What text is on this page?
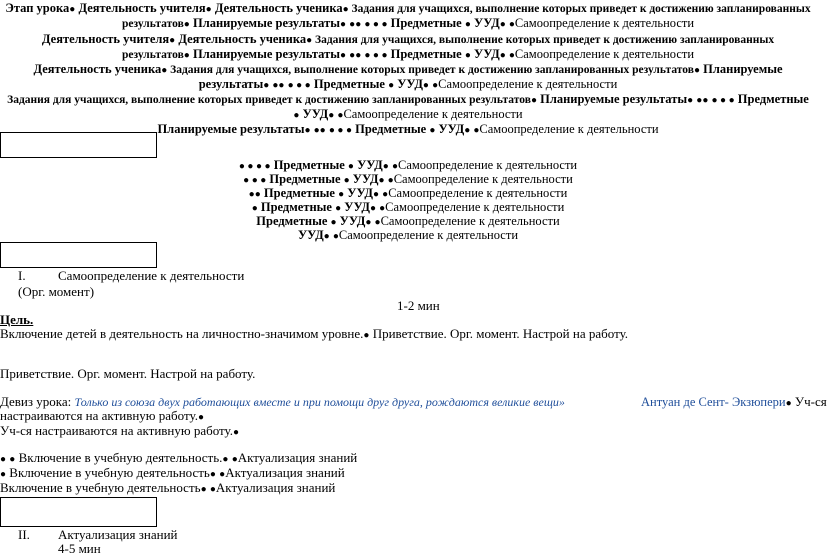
Этап урока● Деятельность учителя● Деятельность ученика● Задания для учащихся, выполнение которых приведет к достижению запланированных
результатов● Планируемые результаты● ●● ● ● ● Предметные ● УУД● ●Самоопределение к деятельности
Деятельность учителя● Деятельность ученика● Задания для учащихся, выполнение которых приведет к достижению запланированных
результатов● Планируемые результаты● ●● ● ● ● Предметные ● УУД● ●Самоопределение к деятельности
Деятельность ученика● Задания для учащихся, выполнение которых приведет к достижению запланированных результатов● Планируемые
результаты● ●● ● ● ● Предметные ● УУД● ●Самоопределение к деятельности
Задания для учащихся, выполнение которых приведет к достижению запланированных результатов● Планируемые результаты● ●● ● ● ● Предметные
● УУД● ●Самоопределение к деятельности
Планируемые результаты● ●● ● ● ● Предметные ● УУД● ●Самоопределение к деятельности
● ● ● ● Предметные ● УУД● ●Самоопределение к деятельности
● ● ● Предметные ● УУД● ●Самоопределение к деятельности
●● Предметные ● УУД● ●Самоопределение к деятельности
● Предметные ● УУД● ●Самоопределение к деятельности
Предметные ● УУД● ●Самоопределение к деятельности
УУД● ●Самоопределение к деятельности
I. Самоопределение к деятельности
(Орг. момент)
1-2 мин
Цель.
Включение детей в деятельность на личностно-значимом уровне.● Приветствие. Орг. момент. Настрой на работу.
Приветствие. Орг. момент. Настрой на работу.
Девиз урока: Только из союза двух работающих вместе и при помощи друг друга, рождаются великие вещи»	Антуан де Сент- Экзюпери● Уч-ся
настраиваются на активную работу.●
Уч-ся настраиваются на активную работу.●
● ● Включение в учебную деятельность.● ●Актуализация знаний
● Включение в учебную деятельность● ●Актуализация знаний
Включение в учебную деятельность● ●Актуализация знаний
II. Актуализация знаний
4-5 мин
